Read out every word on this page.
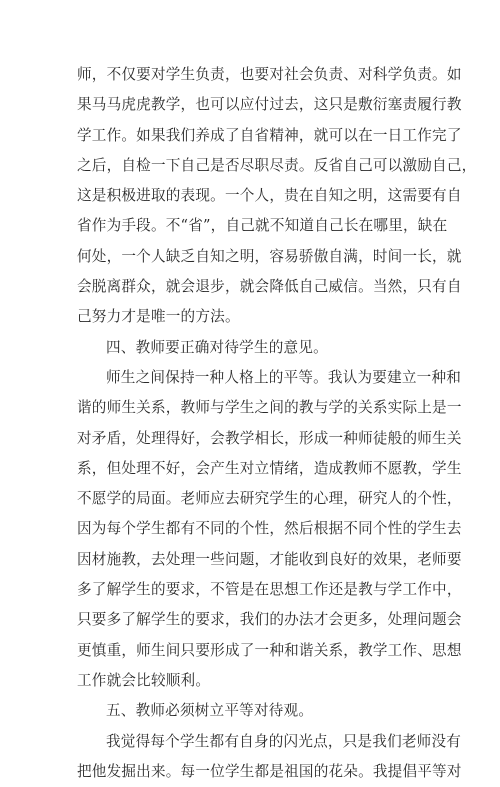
师，不仅要对学生负责，也要对社会负责、对科学负责。如
果马马虎虎教学，也可以应付过去，这只是敷衍塞责履行教
学工作。如果我们养成了自省精神，就可以在一日工作完了
之后，自检一下自己是否尽职尽责。反省自己可以激励自己，
这是积极进取的表现。一个人，贵在自知之明，这需要有自
省作为手段。不“省”，自己就不知道自己长在哪里，缺在
何处，一个人缺乏自知之明，容易骄傲自满，时间一长，就
会脱离群众，就会退步，就会降低自己威信。当然，只有自
己努力才是唯一的方法。
四、教师要正确对待学生的意见。
师生之间保持一种人格上的平等。我认为要建立一种和
谐的师生关系，教师与学生之间的教与学的关系实际上是一
对矛盾，处理得好，会教学相长，形成一种师徒般的师生关
系，但处理不好，会产生对立情绪，造成教师不愿教，学生
不愿学的局面。老师应去研究学生的心理，研究人的个性，
因为每个学生都有不同的个性，然后根据不同个性的学生去
因材施教，去处理一些问题，才能收到良好的效果，老师要
多了解学生的要求，不管是在思想工作还是教与学工作中，
只要多了解学生的要求，我们的办法才会更多，处理问题会
更慎重，师生间只要形成了一种和谐关系，教学工作、思想
工作就会比较顺利。
五、教师必须树立平等对待观。
我觉得每个学生都有自身的闪光点，只是我们老师没有
把他发掘出来。每一位学生都是祖国的花朵。我提倡平等对
